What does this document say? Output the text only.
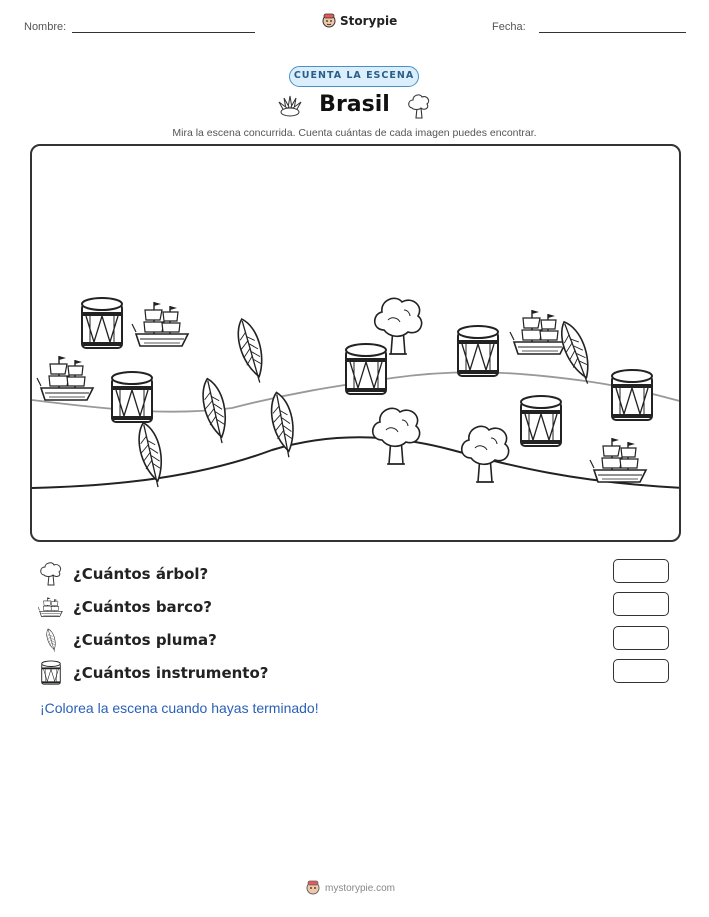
Nombre:	Storypie	Fecha:
CUENTA LA ESCENA
Brasil
Mira la escena concurrida. Cuenta cuántas de cada imagen puedes encontrar.
¿Cuántos árbol?
¿Cuántos barco?
¿Cuántos pluma?
¿Cuántos instrumento?
¡Colorea la escena cuando hayas terminado!
mystorypie.com
